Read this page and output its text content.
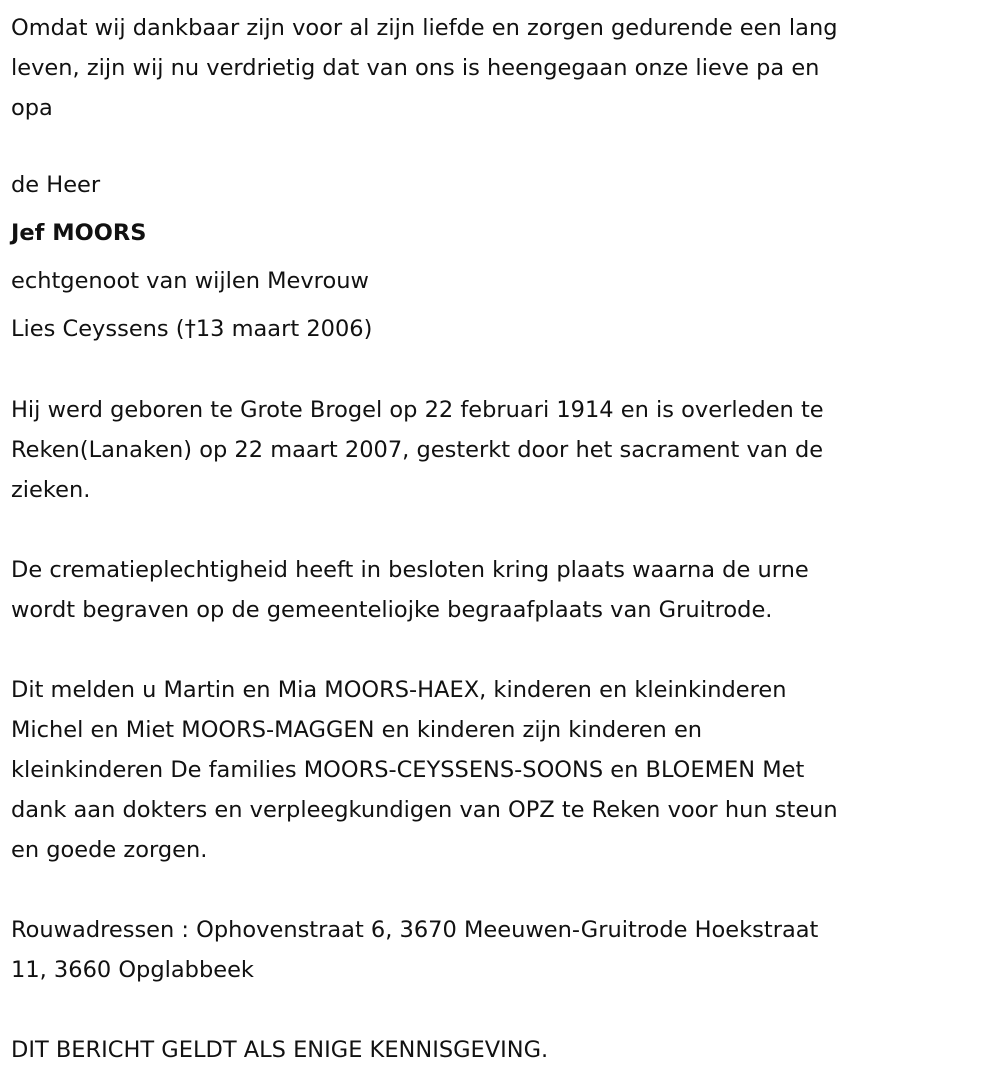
Omdat wij dankbaar zijn voor al zijn liefde en zorgen gedurende een lang
leven, zijn wij nu verdrietig dat van ons is heengegaan onze lieve pa en
opa
de Heer
Jef MOORS
echtgenoot van wijlen Mevrouw
Lies Ceyssens (†13 maart 2006)
Hij werd geboren te Grote Brogel op 22 februari 1914 en is overleden te
Reken(Lanaken) op 22 maart 2007, gesterkt door het sacrament van de
zieken.
De crematieplechtigheid heeft in besloten kring plaats waarna de urne
wordt begraven op de gemeenteliojke begraafplaats van Gruitrode.
Dit melden u Martin en Mia MOORS-HAEX, kinderen en kleinkinderen
Michel en Miet MOORS-MAGGEN en kinderen zijn kinderen en
kleinkinderen De families MOORS-CEYSSENS-SOONS en BLOEMEN Met
dank aan dokters en verpleegkundigen van OPZ te Reken voor hun steun
en goede zorgen.
Rouwadressen : Ophovenstraat 6, 3670 Meeuwen-Gruitrode Hoekstraat
11, 3660 Opglabbeek
DIT BERICHT GELDT ALS ENIGE KENNISGEVING.
